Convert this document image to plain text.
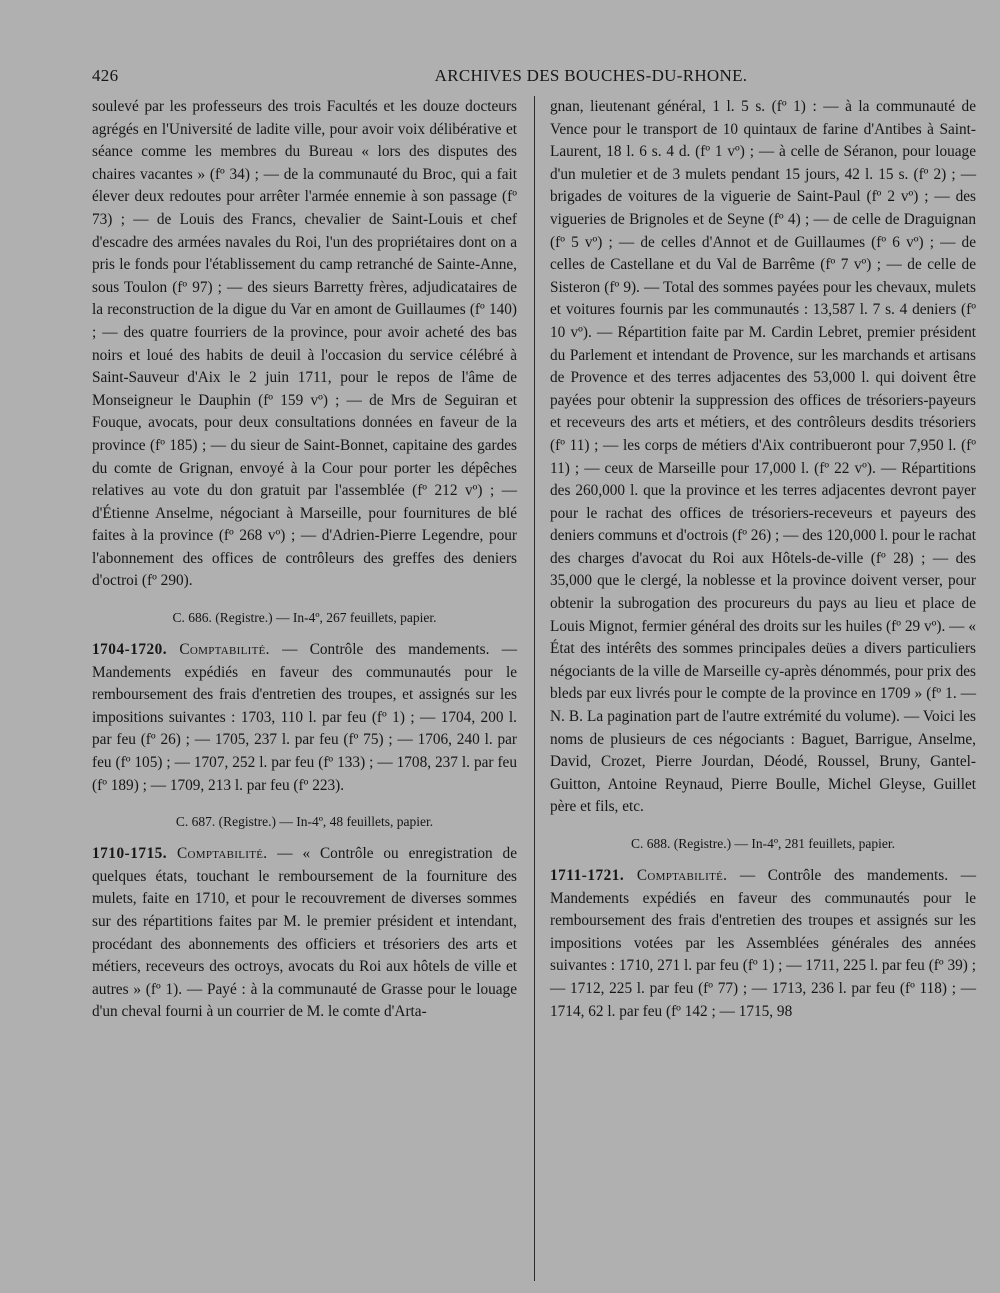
426	ARCHIVES DES BOUCHES-DU-RHONE.

soulevé par les professeurs des trois Facultés et les douze docteurs agrégés en l'Université de ladite ville, pour avoir voix délibérative et séance comme les membres du Bureau « lors des disputes des chaires vacantes » (fº 34) ; — de la communauté du Broc, qui a fait élever deux redoutes pour arrêter l'armée ennemie à son passage (fº 73) ; — de Louis des Francs, chevalier de Saint-Louis et chef d'escadre des armées navales du Roi, l'un des propriétaires dont on a pris le fonds pour l'établissement du camp retranché de Sainte-Anne, sous Toulon (fº 97) ; — des sieurs Barretty frères, adjudicataires de la reconstruction de la digue du Var en amont de Guillaumes (fº 140) ; — des quatre fourriers de la province, pour avoir acheté des bas noirs et loué des habits de deuil à l'occasion du service célébré à Saint-Sauveur d'Aix le 2 juin 1711, pour le repos de l'âme de Monseigneur le Dauphin (fº 159 vº) ; — de Mrs de Seguiran et Fouque, avocats, pour deux consultations données en faveur de la province (fº 185) ; — du sieur de Saint-Bonnet, capitaine des gardes du comte de Grignan, envoyé à la Cour pour porter les dépêches relatives au vote du don gratuit par l'assemblée (fº 212 vº) ; — d'Étienne Anselme, négociant à Marseille, pour fournitures de blé faites à la province (fº 268 vº) ; — d'Adrien-Pierre Legendre, pour l'abonnement des offices de contrôleurs des greffes des deniers d'octroi (fº 290).

C. 686. (Registre.) — In-4º, 267 feuillets, papier.

1704-1720. Comptabilité. — Contrôle des mandements. — Mandements expédiés en faveur des communautés pour le remboursement des frais d'entretien des troupes, et assignés sur les impositions suivantes : 1703, 110 l. par feu (fº 1) ; — 1704, 200 l. par feu (fº 26) ; — 1705, 237 l. par feu (fº 75) ; — 1706, 240 l. par feu (fº 105) ; — 1707, 252 l. par feu (fº 133) ; — 1708, 237 l. par feu (fº 189) ; — 1709, 213 l. par feu (fº 223).

C. 687. (Registre.) — In-4º, 48 feuillets, papier.

1710-1715. Comptabilité. — « Contrôle ou enregistration de quelques états, touchant le remboursement de la fourniture des mulets, faite en 1710, et pour le recouvrement de diverses sommes sur des répartitions faites par M. le premier président et intendant, procédant des abonnements des officiers et trésoriers des arts et métiers, receveurs des octroys, avocats du Roi aux hôtels de ville et autres » (fº 1). — Payé : à la communauté de Grasse pour le louage d'un cheval fourni à un courrier de M. le comte d'Arta-

gnan, lieutenant général, 1 l. 5 s. (fº 1) : — à la communauté de Vence pour le transport de 10 quintaux de farine d'Antibes à Saint-Laurent, 18 l. 6 s. 4 d. (fº 1 vº) ; — à celle de Séranon, pour louage d'un muletier et de 3 mulets pendant 15 jours, 42 l. 15 s. (fº 2) ; — brigades de voitures de la viguerie de Saint-Paul (fº 2 vº) ; — des vigueries de Brignoles et de Seyne (fº 4) ; — de celle de Draguignan (fº 5 vº) ; — de celles d'Annot et de Guillaumes (fº 6 vº) ; — de celles de Castellane et du Val de Barrême (fº 7 vº) ; — de celle de Sisteron (fº 9). — Total des sommes payées pour les chevaux, mulets et voitures fournis par les communautés : 13,587 l. 7 s. 4 deniers (fº 10 vº). — Répartition faite par M. Cardin Lebret, premier président du Parlement et intendant de Provence, sur les marchands et artisans de Provence et des terres adjacentes des 53,000 l. qui doivent être payées pour obtenir la suppression des offices de trésoriers-payeurs et receveurs des arts et métiers, et des contrôleurs desdits trésoriers (fº 11) ; — les corps de métiers d'Aix contribueront pour 7,950 l. (fº 11) ; — ceux de Marseille pour 17,000 l. (fº 22 vº). — Répartitions des 260,000 l. que la province et les terres adjacentes devront payer pour le rachat des offices de trésoriers-receveurs et payeurs des deniers communs et d'octrois (fº 26) ; — des 120,000 l. pour le rachat des charges d'avocat du Roi aux Hôtels-de-ville (fº 28) ; — des 35,000 que le clergé, la noblesse et la province doivent verser, pour obtenir la subrogation des procureurs du pays au lieu et place de Louis Mignot, fermier général des droits sur les huiles (fº 29 vº). — « État des intérêts des sommes principales deües a divers particuliers négociants de la ville de Marseille cy-après dénommés, pour prix des bleds par eux livrés pour le compte de la province en 1709 » (fº 1. — N. B. La pagination part de l'autre extrémité du volume). — Voici les noms de plusieurs de ces négociants : Baguet, Barrigue, Anselme, David, Crozet, Pierre Jourdan, Déodé, Roussel, Bruny, Gantel-Guitton, Antoine Reynaud, Pierre Boulle, Michel Gleyse, Guillet père et fils, etc.

C. 688. (Registre.) — In-4º, 281 feuillets, papier.

1711-1721. Comptabilité. — Contrôle des mandements. — Mandements expédiés en faveur des communautés pour le remboursement des frais d'entretien des troupes et assignés sur les impositions votées par les Assemblées générales des années suivantes : 1710, 271 l. par feu (fº 1) ; — 1711, 225 l. par feu (fº 39) ; — 1712, 225 l. par feu (fº 77) ; — 1713, 236 l. par feu (fº 118) ; — 1714, 62 l. par feu (fº 142 ; — 1715, 98
